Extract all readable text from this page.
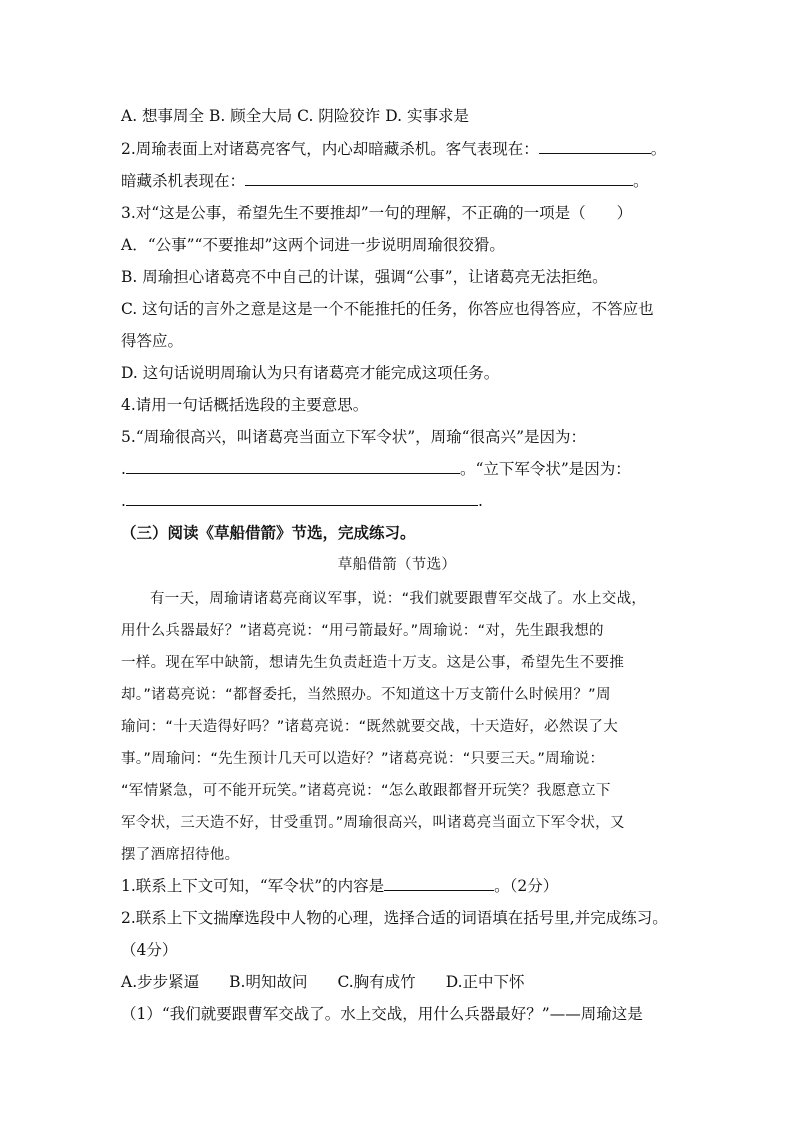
A. 想事周全 B. 顾全大局 C. 阴险狡诈 D. 实事求是
2.周瑜表面上对诸葛亮客气，内心却暗藏杀机。客气表现在：	。
暗藏杀机表现在：	。
3.对“这是公事，希望先生不要推却”一句的理解，不正确的一项是（　　）
A．“公事”“不要推却”这两个词进一步说明周瑜很狡猾。
B. 周瑜担心诸葛亮不中自己的计谋，强调“公事”，让诸葛亮无法拒绝。
C. 这句话的言外之意是这是一个不能推托的任务，你答应也得答应，不答应也
得答应。
D. 这句话说明周瑜认为只有诸葛亮才能完成这项任务。
4.请用一句话概括选段的主要意思。
5.“周瑜很高兴，叫诸葛亮当面立下军令状”，周瑜“很高兴”是因为：
.	。“立下军令状”是因为：
.	.
（三）阅读《草船借箭》节选，完成练习。
草船借箭（节选）
有一天，周瑜请诸葛亮商议军事，说：“我们就要跟曹军交战了。水上交战，
用什么兵器最好？”诸葛亮说：“用弓箭最好。”周瑜说：“对，先生跟我想的
一样。现在军中缺箭，想请先生负责赶造十万支。这是公事，希望先生不要推
却。”诸葛亮说：“都督委托，当然照办。不知道这十万支箭什么时候用？”周
瑜问：“十天造得好吗？”诸葛亮说：“既然就要交战，十天造好，必然误了大
事。”周瑜问：“先生预计几天可以造好？”诸葛亮说：“只要三天。”周瑜说：
“军情紧急，可不能开玩笑。”诸葛亮说：“怎么敢跟都督开玩笑？我愿意立下
军令状，三天造不好，甘受重罚。”周瑜很高兴，叫诸葛亮当面立下军令状，又
摆了酒席招待他。
1.联系上下文可知，“军令状”的内容是	。（2分）
2.联系上下文揣摩选段中人物的心理，选择合适的词语填在括号里,并完成练习。
（4分）
A.步步紧逼 B.明知故问 C.胸有成竹 D.正中下怀
（1）“我们就要跟曹军交战了。水上交战，用什么兵器最好？”——周瑜这是
